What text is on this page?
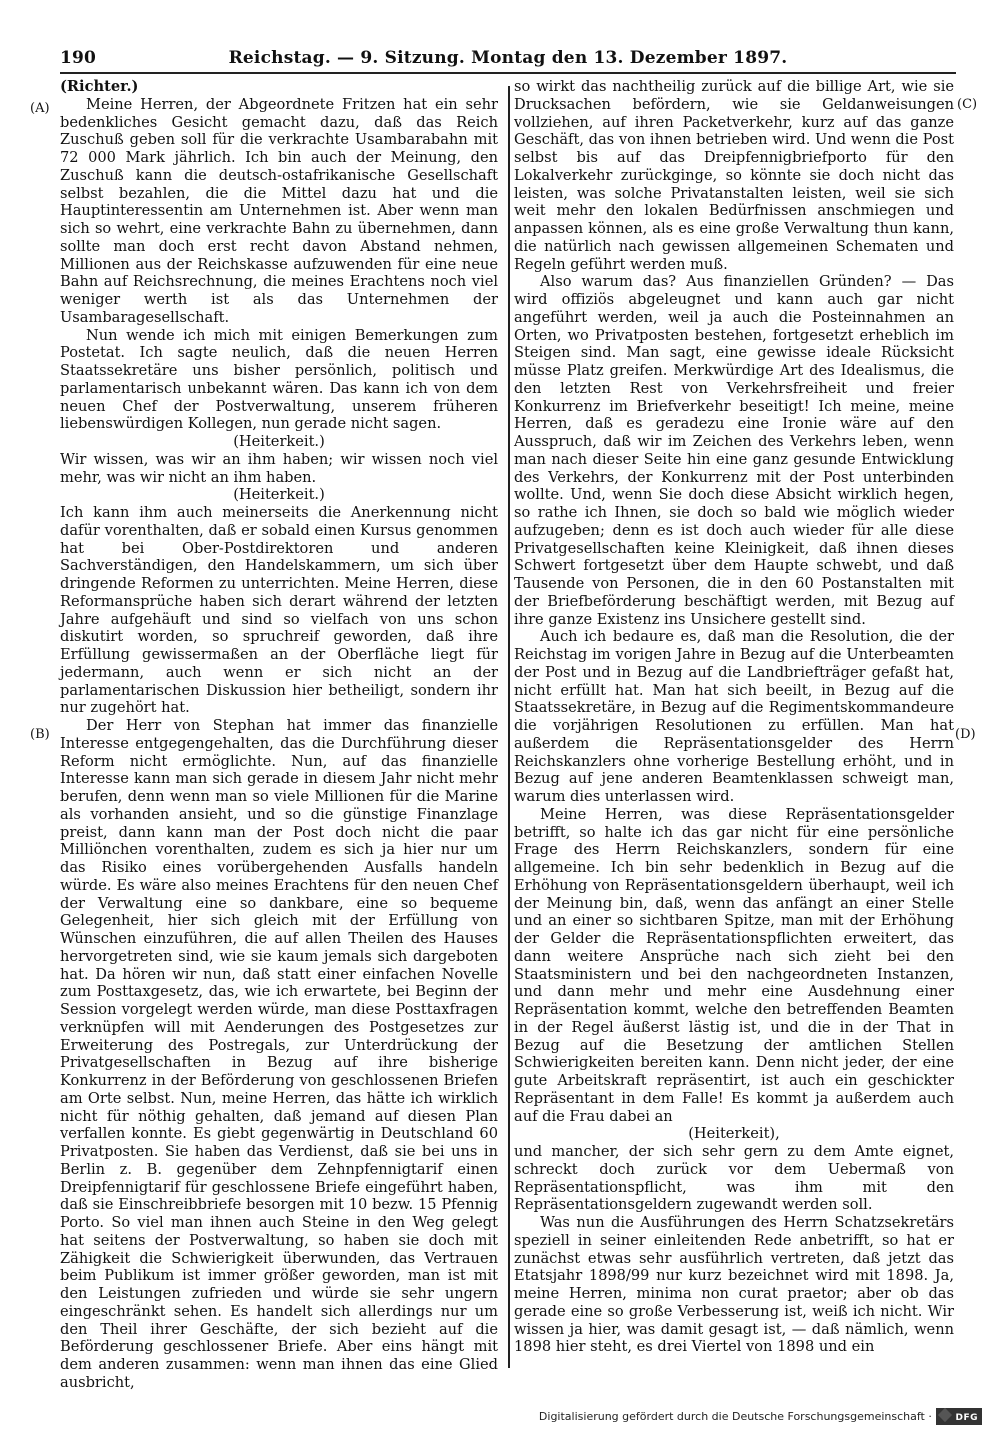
190	Reichstag. — 9. Sitzung. Montag den 13. Dezember 1897.
(A)
(B)
(C)
(D)

(Richter.)

Meine Herren, der Abgeordnete Fritzen hat ein sehr bedenkliches Gesicht gemacht dazu, daß das Reich Zuschuß geben soll für die verkrachte Usambarabahn mit 72 000 Mark jährlich. Ich bin auch der Meinung, den Zuschuß kann die deutsch-ostafrikanische Gesellschaft selbst bezahlen, die die Mittel dazu hat und die Hauptinteressentin am Unternehmen ist. Aber wenn man sich so wehrt, eine verkrachte Bahn zu übernehmen, dann sollte man doch erst recht davon Abstand nehmen, Millionen aus der Reichskasse aufzuwenden für eine neue Bahn auf Reichsrechnung, die meines Erachtens noch viel weniger werth ist als das Unternehmen der Usambaragesellschaft.

Nun wende ich mich mit einigen Bemerkungen zum Postetat. Ich sagte neulich, daß die neuen Herren Staatssekretäre uns bisher persönlich, politisch und parlamentarisch unbekannt wären. Das kann ich von dem neuen Chef der Postverwaltung, unserem früheren liebenswürdigen Kollegen, nun gerade nicht sagen.

(Heiterkeit.)

Wir wissen, was wir an ihm haben; wir wissen noch viel mehr, was wir nicht an ihm haben.

(Heiterkeit.)

Ich kann ihm auch meinerseits die Anerkennung nicht dafür vorenthalten, daß er sobald einen Kursus genommen hat bei Ober-Postdirektoren und anderen Sachverständigen, den Handelskammern, um sich über dringende Reformen zu unterrichten. Meine Herren, diese Reformansprüche haben sich derart während der letzten Jahre aufgehäuft und sind so vielfach von uns schon diskutirt worden, so spruchreif geworden, daß ihre Erfüllung gewissermaßen an der Oberfläche liegt für jedermann, auch wenn er sich nicht an der parlamentarischen Diskussion hier betheiligt, sondern ihr nur zugehört hat.

Der Herr von Stephan hat immer das finanzielle Interesse entgegengehalten, das die Durchführung dieser Reform nicht ermöglichte. Nun, auf das finanzielle Interesse kann man sich gerade in diesem Jahr nicht mehr berufen, denn wenn man so viele Millionen für die Marine als vorhanden ansieht, und so die günstige Finanzlage preist, dann kann man der Post doch nicht die paar Milliönchen vorenthalten, zudem es sich ja hier nur um das Risiko eines vorübergehenden Ausfalls handeln würde. Es wäre also meines Erachtens für den neuen Chef der Verwaltung eine so dankbare, eine so bequeme Gelegenheit, hier sich gleich mit der Erfüllung von Wünschen einzuführen, die auf allen Theilen des Hauses hervorgetreten sind, wie sie kaum jemals sich dargeboten hat. Da hören wir nun, daß statt einer einfachen Novelle zum Posttaxgesetz, das, wie ich erwartete, bei Beginn der Session vorgelegt werden würde, man diese Posttaxfragen verknüpfen will mit Aenderungen des Postgesetzes zur Erweiterung des Postregals, zur Unterdrückung der Privatgesellschaften in Bezug auf ihre bisherige Konkurrenz in der Beförderung von geschlossenen Briefen am Orte selbst. Nun, meine Herren, das hätte ich wirklich nicht für nöthig gehalten, daß jemand auf diesen Plan verfallen konnte. Es giebt gegenwärtig in Deutschland 60 Privatposten. Sie haben das Verdienst, daß sie bei uns in Berlin z. B. gegenüber dem Zehnpfennigtarif einen Dreipfennigtarif für geschlossene Briefe eingeführt haben, daß sie Einschreibbriefe besorgen mit 10 bezw. 15 Pfennig Porto. So viel man ihnen auch Steine in den Weg gelegt hat seitens der Postverwaltung, so haben sie doch mit Zähigkeit die Schwierigkeit überwunden, das Vertrauen beim Publikum ist immer größer geworden, man ist mit den Leistungen zufrieden und würde sie sehr ungern eingeschränkt sehen. Es handelt sich allerdings nur um den Theil ihrer Geschäfte, der sich bezieht auf die Beförderung geschlossener Briefe. Aber eins hängt mit dem anderen zusammen: wenn man ihnen das eine Glied ausbricht,

so wirkt das nachtheilig zurück auf die billige Art, wie sie Drucksachen befördern, wie sie Geldanweisungen vollziehen, auf ihren Packetverkehr, kurz auf das ganze Geschäft, das von ihnen betrieben wird. Und wenn die Post selbst bis auf das Dreipfennigbriefporto für den Lokalverkehr zurückginge, so könnte sie doch nicht das leisten, was solche Privatanstalten leisten, weil sie sich weit mehr den lokalen Bedürfnissen anschmiegen und anpassen können, als es eine große Verwaltung thun kann, die natürlich nach gewissen allgemeinen Schematen und Regeln geführt werden muß.

Also warum das? Aus finanziellen Gründen? — Das wird offiziös abgeleugnet und kann auch gar nicht angeführt werden, weil ja auch die Posteinnahmen an Orten, wo Privatposten bestehen, fortgesetzt erheblich im Steigen sind. Man sagt, eine gewisse ideale Rücksicht müsse Platz greifen. Merkwürdige Art des Idealismus, die den letzten Rest von Verkehrsfreiheit und freier Konkurrenz im Briefverkehr beseitigt! Ich meine, meine Herren, daß es geradezu eine Ironie wäre auf den Ausspruch, daß wir im Zeichen des Verkehrs leben, wenn man nach dieser Seite hin eine ganz gesunde Entwicklung des Verkehrs, der Konkurrenz mit der Post unterbinden wollte. Und, wenn Sie doch diese Absicht wirklich hegen, so rathe ich Ihnen, sie doch so bald wie möglich wieder aufzugeben; denn es ist doch auch wieder für alle diese Privatgesellschaften keine Kleinigkeit, daß ihnen dieses Schwert fortgesetzt über dem Haupte schwebt, und daß Tausende von Personen, die in den 60 Postanstalten mit der Briefbeförderung beschäftigt werden, mit Bezug auf ihre ganze Existenz ins Unsichere gestellt sind.

Auch ich bedaure es, daß man die Resolution, die der Reichstag im vorigen Jahre in Bezug auf die Unterbeamten der Post und in Bezug auf die Landbriefträger gefaßt hat, nicht erfüllt hat. Man hat sich beeilt, in Bezug auf die Staatssekretäre, in Bezug auf die Regimentskommandeure die vorjährigen Resolutionen zu erfüllen. Man hat außerdem die Repräsentationsgelder des Herrn Reichskanzlers ohne vorherige Bestellung erhöht, und in Bezug auf jene anderen Beamtenklassen schweigt man, warum dies unterlassen wird.

Meine Herren, was diese Repräsentationsgelder betrifft, so halte ich das gar nicht für eine persönliche Frage des Herrn Reichskanzlers, sondern für eine allgemeine. Ich bin sehr bedenklich in Bezug auf die Erhöhung von Repräsentationsgeldern überhaupt, weil ich der Meinung bin, daß, wenn das anfängt an einer Stelle und an einer so sichtbaren Spitze, man mit der Erhöhung der Gelder die Repräsentationspflichten erweitert, das dann weitere Ansprüche nach sich zieht bei den Staatsministern und bei den nachgeordneten Instanzen, und dann mehr und mehr eine Ausdehnung einer Repräsentation kommt, welche den betreffenden Beamten in der Regel äußerst lästig ist, und die in der That in Bezug auf die Besetzung der amtlichen Stellen Schwierigkeiten bereiten kann. Denn nicht jeder, der eine gute Arbeitskraft repräsentirt, ist auch ein geschickter Repräsentant in dem Falle! Es kommt ja außerdem auch auf die Frau dabei an

(Heiterkeit),

und mancher, der sich sehr gern zu dem Amte eignet, schreckt doch zurück vor dem Uebermaß von Repräsentationspflicht, was ihm mit den Repräsentationsgeldern zugewandt werden soll.

Was nun die Ausführungen des Herrn Schatzsekretärs speziell in seiner einleitenden Rede anbetrifft, so hat er zunächst etwas sehr ausführlich vertreten, daß jetzt das Etatsjahr 1898/99 nur kurz bezeichnet wird mit 1898. Ja, meine Herren, minima non curat praetor; aber ob das gerade eine so große Verbesserung ist, weiß ich nicht. Wir wissen ja hier, was damit gesagt ist, — daß nämlich, wenn 1898 hier steht, es drei Viertel von 1898 und ein

Digitalisierung gefördert durch die Deutsche Forschungsgemeinschaft ·	DFG
